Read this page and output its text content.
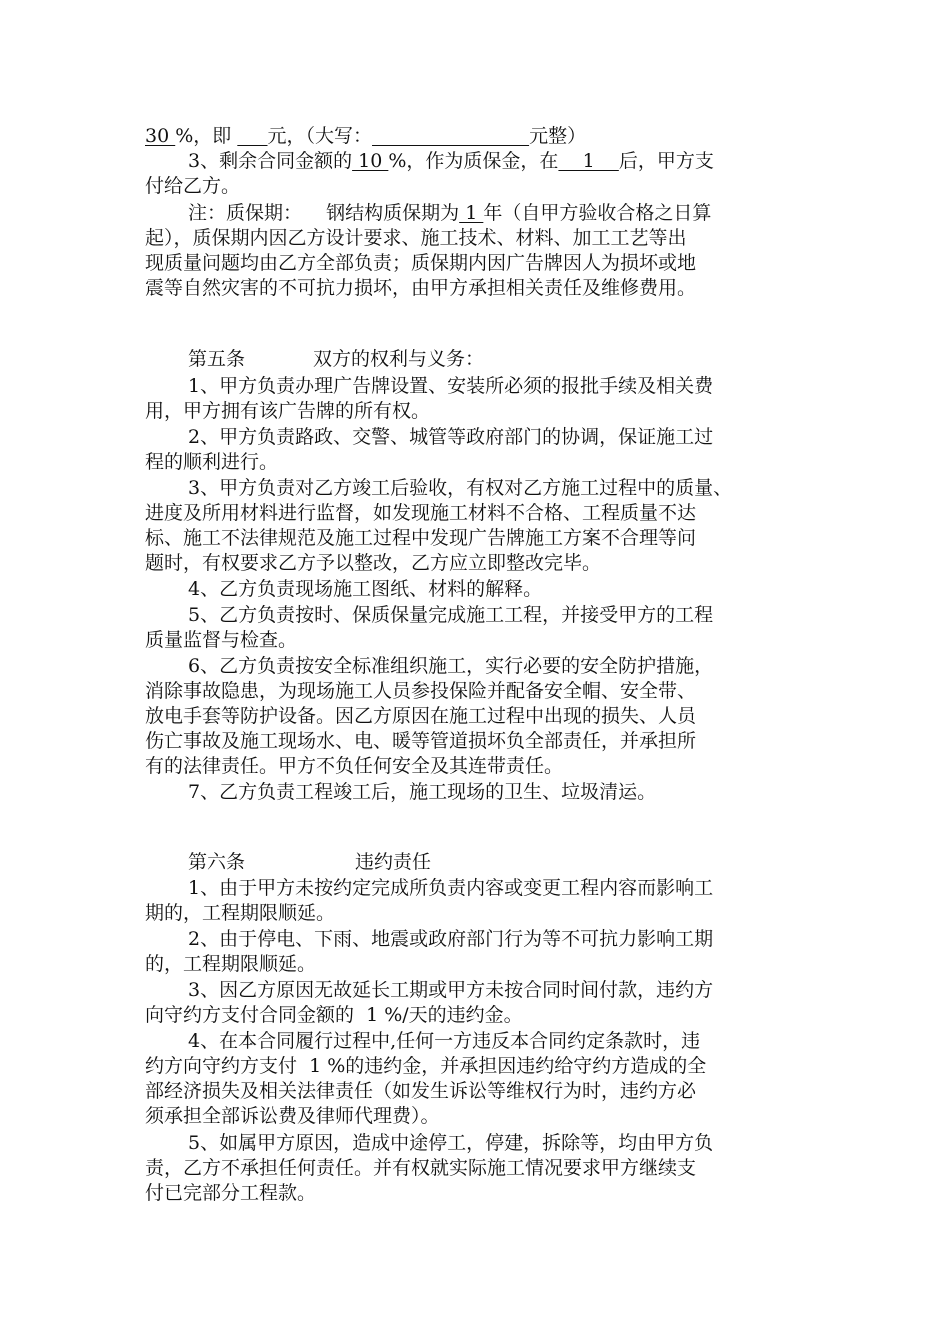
30 %，即      元，（大写：	元整）
3、剩余合同金额的 10 %，作为质保金，在    1    后，甲方支
付给乙方。
注：质保期：    钢结构质保期为 1 年（自甲方验收合格之日算
起），质保期内因乙方设计要求、施工技术、材料、加工工艺等出
现质量问题均由乙方全部负责；质保期内因广告牌因人为损坏或地
震等自然灾害的不可抗力损坏，由甲方承担相关责任及维修费用。
第五条	双方的权利与义务：
1、甲方负责办理广告牌设置、安装所必须的报批手续及相关费
用，甲方拥有该广告牌的所有权。
2、甲方负责路政、交警、城管等政府部门的协调，保证施工过
程的顺利进行。
3、甲方负责对乙方竣工后验收，有权对乙方施工过程中的质量、
进度及所用材料进行监督，如发现施工材料不合格、工程质量不达
标、施工不法律规范及施工过程中发现广告牌施工方案不合理等问
题时，有权要求乙方予以整改，乙方应立即整改完毕。
4、乙方负责现场施工图纸、材料的解释。
5、乙方负责按时、保质保量完成施工工程，并接受甲方的工程
质量监督与检查。
6、乙方负责按安全标准组织施工，实行必要的安全防护措施，
消除事故隐患，为现场施工人员参投保险并配备安全帽、安全带、
放电手套等防护设备。因乙方原因在施工过程中出现的损失、人员
伤亡事故及施工现场水、电、暖等管道损坏负全部责任，并承担所
有的法律责任。甲方不负任何安全及其连带责任。
7、乙方负责工程竣工后，施工现场的卫生、垃圾清运。
第六条	违约责任
1、由于甲方未按约定完成所负责内容或变更工程内容而影响工
期的，工程期限顺延。
2、由于停电、下雨、地震或政府部门行为等不可抗力影响工期
的，工程期限顺延。
3、因乙方原因无故延长工期或甲方未按合同时间付款，违约方
向守约方支付合同金额的  1 %/天的违约金。
4、在本合同履行过程中,任何一方违反本合同约定条款时，违
约方向守约方支付  1 %的违约金，并承担因违约给守约方造成的全
部经济损失及相关法律责任（如发生诉讼等维权行为时，违约方必
须承担全部诉讼费及律师代理费）。
5、如属甲方原因，造成中途停工，停建，拆除等，均由甲方负
责，乙方不承担任何责任。并有权就实际施工情况要求甲方继续支
付已完部分工程款。
